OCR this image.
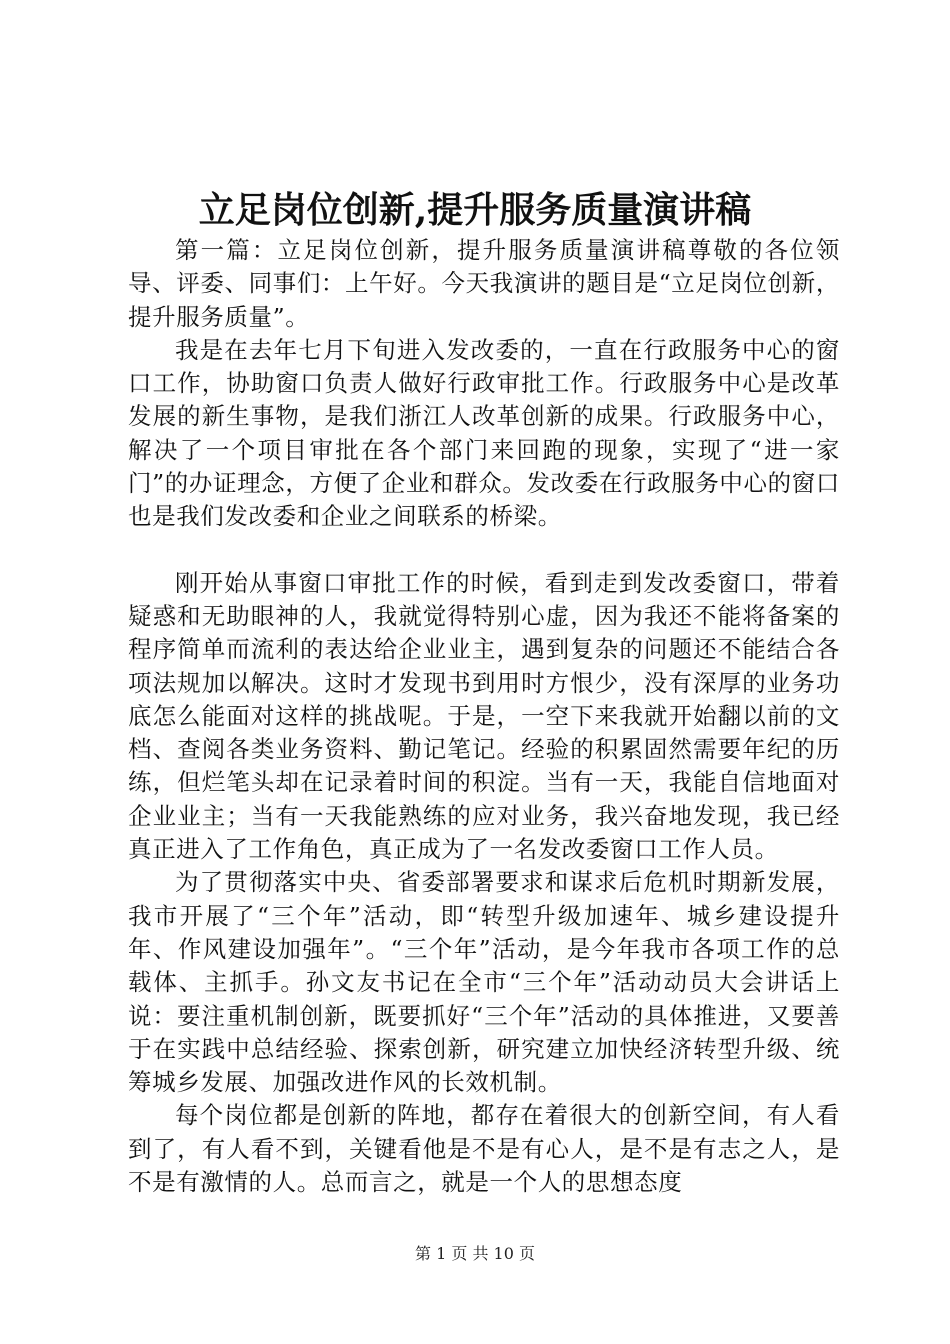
立足岗位创新,提升服务质量演讲稿

第一篇：立足岗位创新，提升服务质量演讲稿尊敬的各位领导、评委、同事们：上午好。今天我演讲的题目是“立足岗位创新，提升服务质量”。

我是在去年七月下旬进入发改委的，一直在行政服务中心的窗口工作，协助窗口负责人做好行政审批工作。行政服务中心是改革发展的新生事物，是我们浙江人改革创新的成果。行政服务中心，解决了一个项目审批在各个部门来回跑的现象，实现了“进一家门”的办证理念，方便了企业和群众。发改委在行政服务中心的窗口也是我们发改委和企业之间联系的桥梁。

刚开始从事窗口审批工作的时候，看到走到发改委窗口，带着疑惑和无助眼神的人，我就觉得特别心虚，因为我还不能将备案的程序简单而流利的表达给企业业主，遇到复杂的问题还不能结合各项法规加以解决。这时才发现书到用时方恨少，没有深厚的业务功底怎么能面对这样的挑战呢。于是，一空下来我就开始翻以前的文档、查阅各类业务资料、勤记笔记。经验的积累固然需要年纪的历练，但烂笔头却在记录着时间的积淀。当有一天，我能自信地面对企业业主；当有一天我能熟练的应对业务，我兴奋地发现，我已经真正进入了工作角色，真正成为了一名发改委窗口工作人员。

为了贯彻落实中央、省委部署要求和谋求后危机时期新发展，我市开展了“三个年”活动，即“转型升级加速年、城乡建设提升年、作风建设加强年”。“三个年”活动，是今年我市各项工作的总载体、主抓手。孙文友书记在全市“三个年”活动动员大会讲话上说：要注重机制创新，既要抓好“三个年”活动的具体推进，又要善于在实践中总结经验、探索创新，研究建立加快经济转型升级、统筹城乡发展、加强改进作风的长效机制。

每个岗位都是创新的阵地，都存在着很大的创新空间，有人看到了，有人看不到，关键看他是不是有心人，是不是有志之人，是不是有激情的人。总而言之，就是一个人的思想态度

第 1 页 共 10 页
